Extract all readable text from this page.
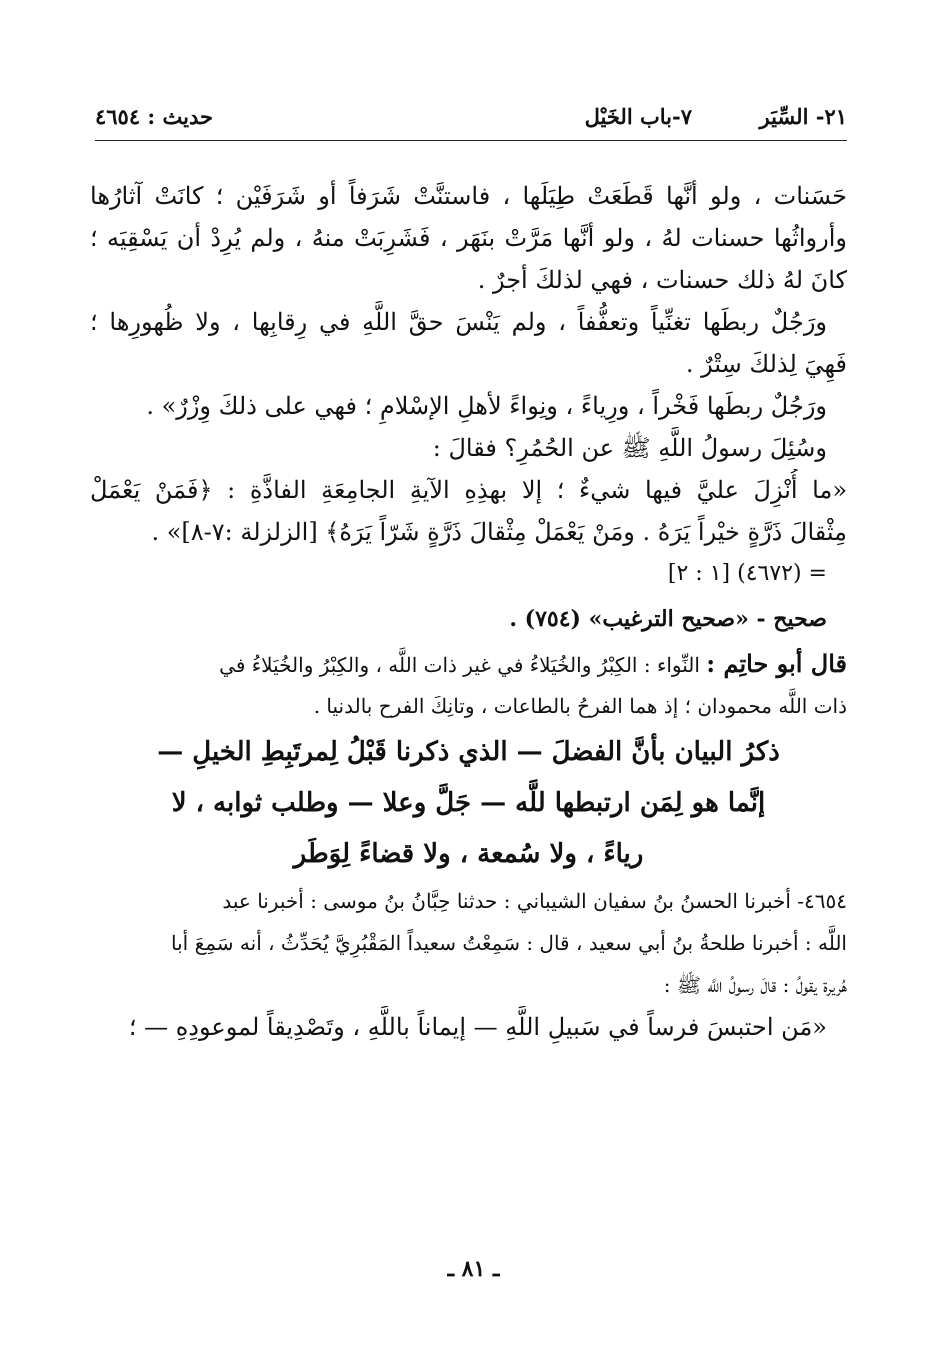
٢١- السِّيَر
٧-باب الخَيْل
حديث : ٤٦٥٤
حَسَنات ، ولو أنَّها قَطَعَتْ طِيَلَها ، فاستنَّتْ شَرَفاً أو شَرَفَيْن ؛ كانَتْ آثارُها
وأرواثُها حسنات لهُ ، ولو أنَّها مَرَّتْ بنَهَر ، فَشَرِبَتْ منهُ ، ولم يُرِدْ أن يَسْقِيَه ؛
كانَ لهُ ذلك حسنات ، فهي لذلكَ أجرٌ .
ورَجُلٌ ربطَها تغنِّياً وتعفُّفاً ، ولم يَنْسَ حقَّ اللَّهِ في رِقابِها ، ولا ظُهورِها ؛
فَهِيَ لِذلكَ سِتْرٌ .
ورَجُلٌ ربطَها فَخْراً ، ورِياءً ، ونِواءً لأهلِ الإسْلامِ ؛ فهي على ذلكَ وِزْرٌ» .
وسُئِلَ رسولُ اللَّهِ ﷺ عن الحُمُرِ؟ فقالَ :
«ما أُنْزِلَ عليَّ فيها شيءٌ ؛ إلا بهذِهِ الآيةِ الجامِعَةِ الفاذَّةِ : ﴿فَمَنْ يَعْمَلْ
مِثْقالَ ذَرَّةٍ خيْراً يَرَهُ . ومَنْ يَعْمَلْ مِثْقالَ ذَرَّةٍ شَرّاً يَرَهُ﴾ [الزلزلة :٧-٨]» .
= (٤٦٧٢) [١ : ٢]
صحيح - «صحيح الترغيب» (٧٥٤) .
قال أبو حاتِم : النِّواء : الكِبْرُ والخُيَلاءُ في غير ذات اللَّه ، والكِبْرُ والخُيَلاءُ في
ذات اللَّه محمودان ؛ إذ هما الفرحُ بالطاعات ، وتانِكَ الفرح بالدنيا .
ذكرُ البيان بأنَّ الفضلَ — الذي ذكرنا قَبْلُ لِمرتَبِطِ الخيلِ —
إنَّما هو لِمَن ارتبطها للَّه — جَلَّ وعلا — وطلب ثوابه ، لا
رياءً ، ولا سُمعة ، ولا قضاءً لِوَطَر
٤٦٥٤- أخبرنا الحسنُ بنُ سفيان الشيباني : حدثنا حِبَّانُ بنُ موسى : أخبرنا عبد
اللَّه : أخبرنا طلحةُ بنُ أبي سعيد ، قال : سَمِعْتُ سعيداً المَقْبُرِيَّ يُحَدِّثُ ، أنه سَمِعَ أبا
هُريرة يقولُ : قالَ رسولُ اللَّه ﷺ :
«مَن احتبسَ فرساً في سَبيلِ اللَّهِ — إيماناً باللَّهِ ، وتَصْدِيقاً لموعودِهِ — ؛
ـ ٨١ ـ
